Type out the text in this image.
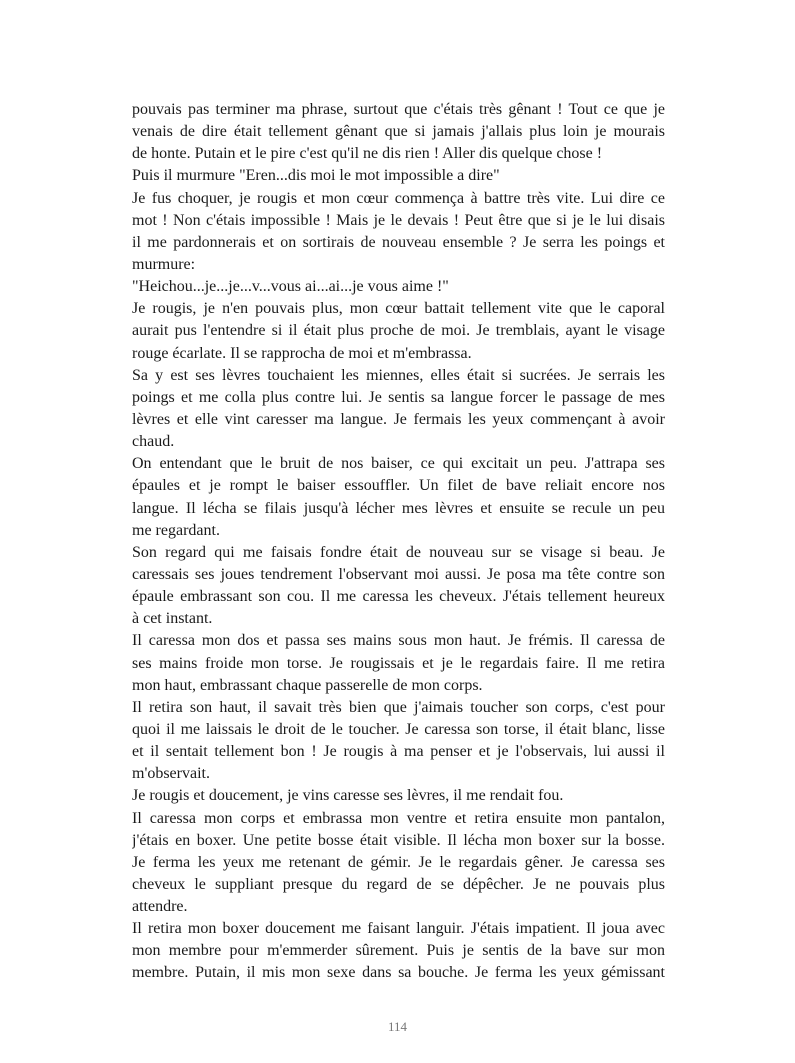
pouvais pas terminer ma phrase, surtout que c'étais très gênant ! Tout ce que je
venais de dire était tellement gênant que si jamais j'allais plus loin je mourais
de honte. Putain et le pire c'est qu'il ne dis rien ! Aller dis quelque chose !
Puis il murmure "Eren...dis moi le mot impossible a dire"
Je fus choquer, je rougis et mon cœur commença à battre très vite. Lui dire ce
mot ! Non c'étais impossible ! Mais je le devais ! Peut être que si je le lui disais
il me pardonnerais et on sortirais de nouveau ensemble ? Je serra les poings et
murmure:
"Heichou...je...je...v...vous ai...ai...je vous aime !"
Je rougis, je n'en pouvais plus, mon cœur battait tellement vite que le caporal
aurait pus l'entendre si il était plus proche de moi. Je tremblais, ayant le visage
rouge écarlate. Il se rapprocha de moi et m'embrassa.
Sa y est ses lèvres touchaient les miennes, elles était si sucrées. Je serrais les
poings et me colla plus contre lui. Je sentis sa langue forcer le passage de mes
lèvres et elle vint caresser ma langue. Je fermais les yeux commençant à avoir
chaud.
On entendant que le bruit de nos baiser, ce qui excitait un peu. J'attrapa ses
épaules et je rompt le baiser essouffler. Un filet de bave reliait encore nos
langue. Il lécha se filais jusqu'à lécher mes lèvres et ensuite se recule un peu
me regardant.
Son regard qui me faisais fondre était de nouveau sur se visage si beau. Je
caressais ses joues tendrement l'observant moi aussi. Je posa ma tête contre son
épaule embrassant son cou. Il me caressa les cheveux. J'étais tellement heureux
à cet instant.
Il caressa mon dos et passa ses mains sous mon haut. Je frémis. Il caressa de
ses mains froide mon torse. Je rougissais et je le regardais faire. Il me retira
mon haut, embrassant chaque passerelle de mon corps.
Il retira son haut, il savait très bien que j'aimais toucher son corps, c'est pour
quoi il me laissais le droit de le toucher. Je caressa son torse, il était blanc, lisse
et il sentait tellement bon ! Je rougis à ma penser et je l'observais, lui aussi il
m'observait.
Je rougis et doucement, je vins caresse ses lèvres, il me rendait fou.
Il caressa mon corps et embrassa mon ventre et retira ensuite mon pantalon,
j'étais en boxer. Une petite bosse était visible. Il lécha mon boxer sur la bosse.
Je ferma les yeux me retenant de gémir. Je le regardais gêner. Je caressa ses
cheveux le suppliant presque du regard de se dépêcher. Je ne pouvais plus
attendre.
Il retira mon boxer doucement me faisant languir. J'étais impatient. Il joua avec
mon membre pour m'emmerder sûrement. Puis je sentis de la bave sur mon
membre. Putain, il mis mon sexe dans sa bouche. Je ferma les yeux gémissant
114
